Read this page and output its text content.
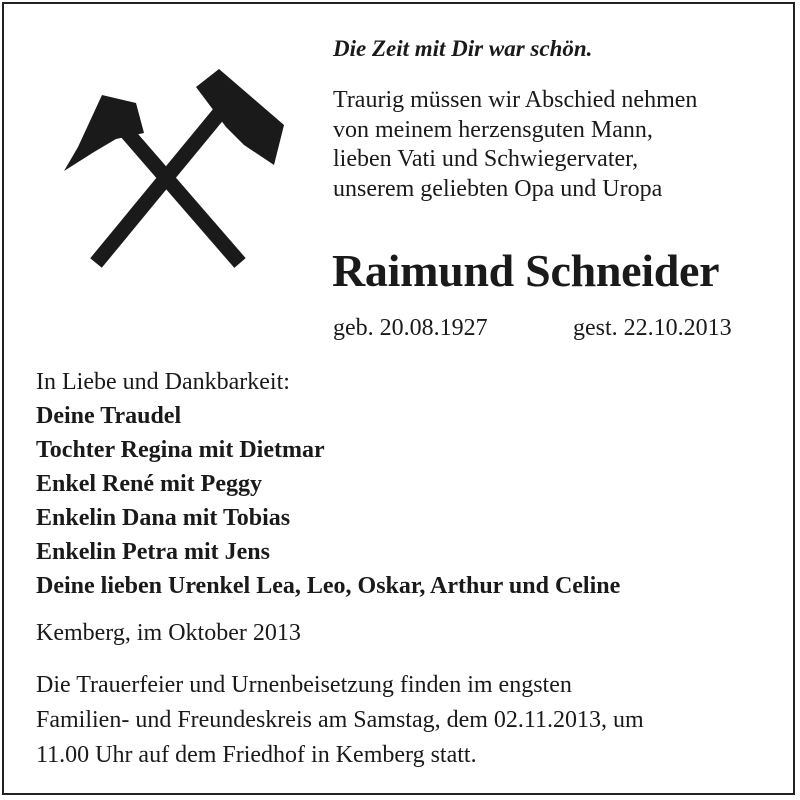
Die Zeit mit Dir war schön.
Traurig müssen wir Abschied nehmen
von meinem herzensguten Mann,
lieben Vati und Schwiegervater,
unserem geliebten Opa und Uropa
Raimund Schneider
geb. 20.08.1927	gest. 22.10.2013
In Liebe und Dankbarkeit:
Deine Traudel
Tochter Regina mit Dietmar
Enkel René mit Peggy
Enkelin Dana mit Tobias
Enkelin Petra mit Jens
Deine lieben Urenkel Lea, Leo, Oskar, Arthur und Celine
Kemberg, im Oktober 2013
Die Trauerfeier und Urnenbeisetzung finden im engsten
Familien- und Freundeskreis am Samstag, dem 02.11.2013, um
11.00 Uhr auf dem Friedhof in Kemberg statt.
